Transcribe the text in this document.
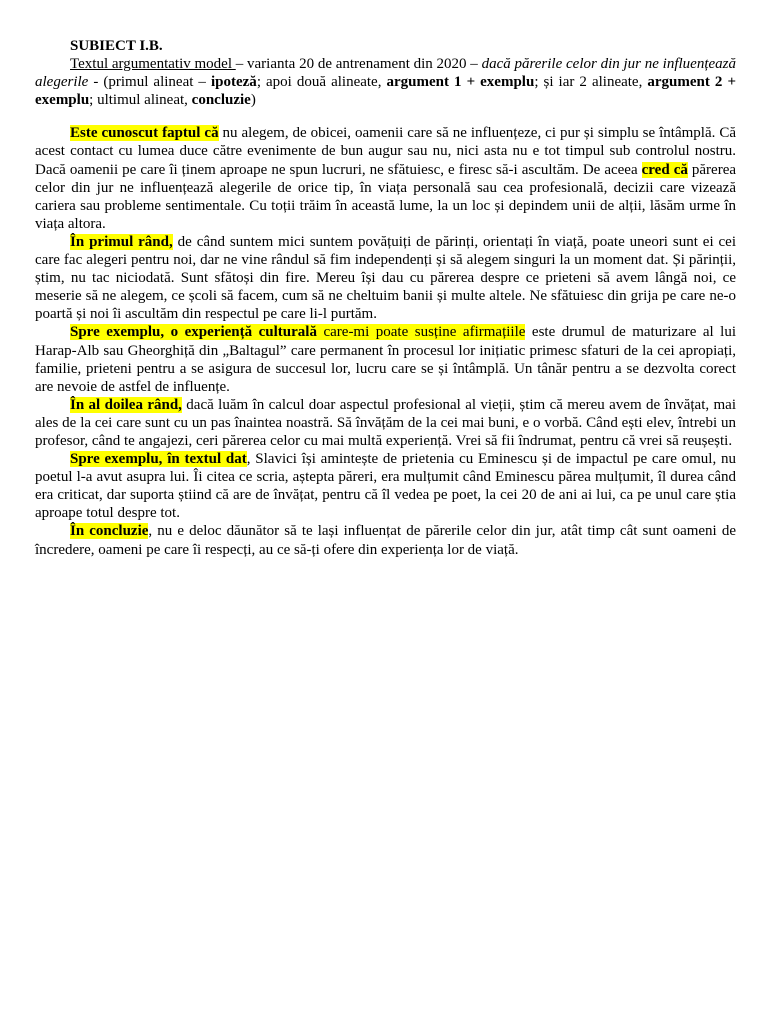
SUBIECT I.B.

Textul argumentativ model – varianta 20 de antrenament din 2020 – dacă părerile celor din jur ne influențează alegerile - (primul alineat – ipoteză; apoi două alineate, argument 1 + exemplu; și iar 2 alineate, argument 2 + exemplu; ultimul alineat, concluzie)

Este cunoscut faptul că nu alegem, de obicei, oamenii care să ne influențeze, ci pur și simplu se întâmplă. Că acest contact cu lumea duce către evenimente de bun augur sau nu, nici asta nu e tot timpul sub controlul nostru. Dacă oamenii pe care îi ținem aproape ne spun lucruri, ne sfătuiesc, e firesc să-i ascultăm. De aceea cred că părerea celor din jur ne influențează alegerile de orice tip, în viața personală sau cea profesională, decizii care vizează cariera sau probleme sentimentale. Cu toții trăim în această lume, la un loc și depindem unii de alții, lăsăm urme în viața altora.

În primul rând, de când suntem mici suntem povățuiți de părinți, orientați în viață, poate uneori sunt ei cei care fac alegeri pentru noi, dar ne vine rândul să fim independenți și să alegem singuri la un moment dat. Și părinții, știm, nu tac niciodată. Sunt sfătoși din fire. Mereu își dau cu părerea despre ce prieteni să avem lângă noi, ce meserie să ne alegem, ce școli să facem, cum să ne cheltuim banii și multe altele. Ne sfătuiesc din grija pe care ne-o poartă și noi îi ascultăm din respectul pe care li-l purtăm.

Spre exemplu, o experiență culturală care-mi poate susține afirmațiile este drumul de maturizare al lui Harap-Alb sau Gheorghiță din „Baltagul” care permanent în procesul lor inițiatic primesc sfaturi de la cei apropiați, familie, prieteni pentru a se asigura de succesul lor, lucru care se și întâmplă. Un tânăr pentru a se dezvolta corect are nevoie de astfel de influențe.

În al doilea rând, dacă luăm în calcul doar aspectul profesional al vieții, știm că mereu avem de învățat, mai ales de la cei care sunt cu un pas înaintea noastră. Să învățăm de la cei mai buni, e o vorbă. Când ești elev, întrebi un profesor, când te angajezi, ceri părerea celor cu mai multă experiență. Vrei să fii îndrumat, pentru că vrei să reușești.

Spre exemplu, în textul dat, Slavici își amintește de prietenia cu Eminescu și de impactul pe care omul, nu poetul l-a avut asupra lui. Îi citea ce scria, aștepta păreri, era mulțumit când Eminescu părea mulțumit, îl durea când era criticat, dar suporta știind că are de învățat, pentru că îl vedea pe poet, la cei 20 de ani ai lui, ca pe unul care știa aproape totul despre tot.

În concluzie, nu e deloc dăunător să te lași influențat de părerile celor din jur, atât timp cât sunt oameni de încredere, oameni pe care îi respecți, au ce să-ți ofere din experiența lor de viață.
